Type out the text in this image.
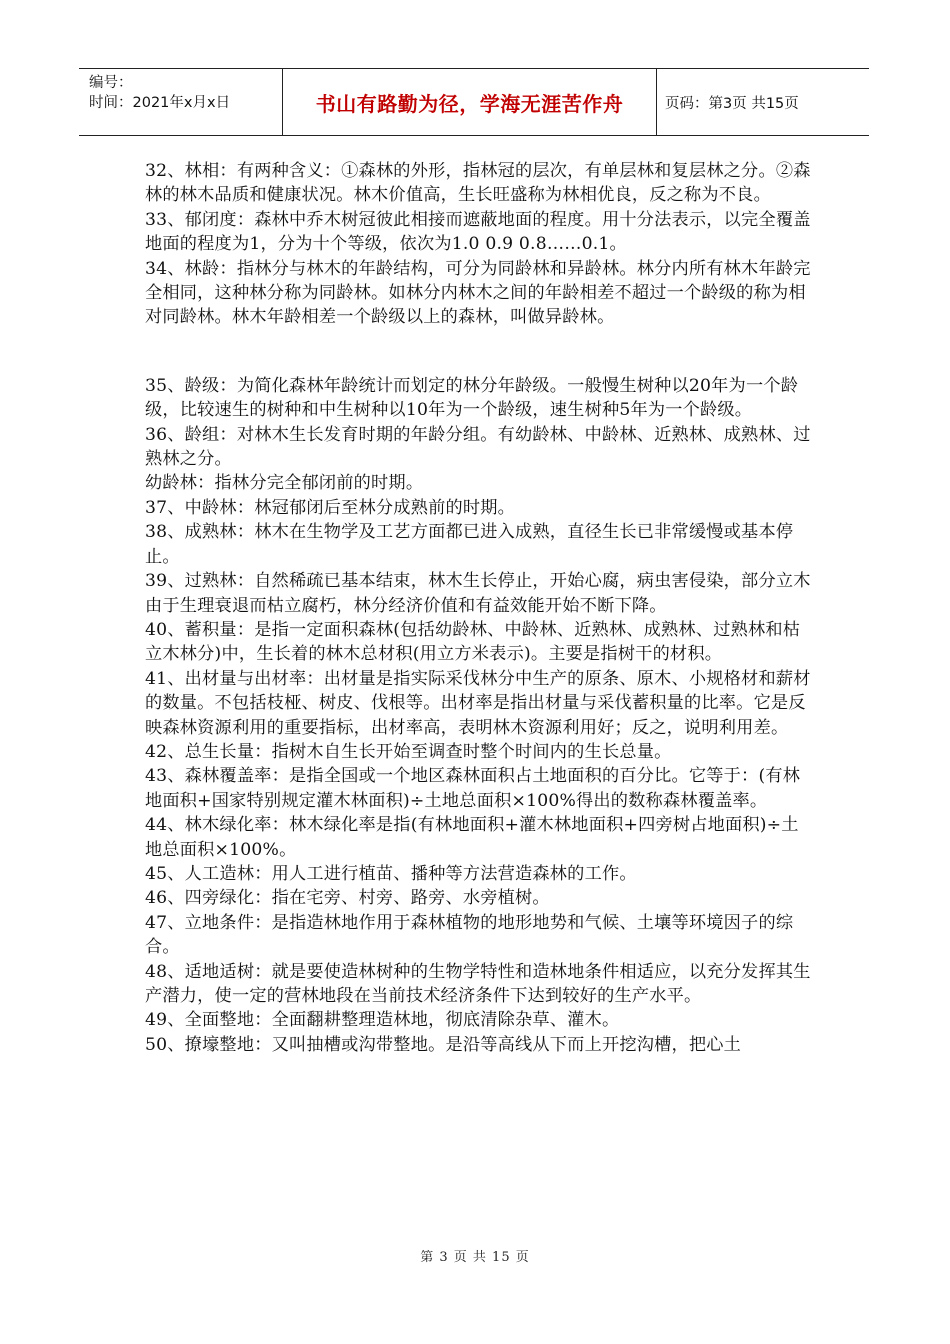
编号：
时间：2021年x月x日	书山有路勤为径，学海无涯苦作舟	页码：第3页 共15页

32、林相：有两种含义：①森林的外形，指林冠的层次，有单层林和复层林之分。②森林的林木品质和健康状况。林木价值高，生长旺盛称为林相优良，反之称为不良。

33、郁闭度：森林中乔木树冠彼此相接而遮蔽地面的程度。用十分法表示，以完全覆盖地面的程度为1，分为十个等级，依次为1.0 0.9 0.8……0.1。

34、林龄：指林分与林木的年龄结构，可分为同龄林和异龄林。林分内所有林木年龄完全相同，这种林分称为同龄林。如林分内林木之间的年龄相差不超过一个龄级的称为相对同龄林。林木年龄相差一个龄级以上的森林，叫做异龄林。

35、龄级：为简化森林年龄统计而划定的林分年龄级。一般慢生树种以20年为一个龄级，比较速生的树种和中生树种以10年为一个龄级，速生树种5年为一个龄级。

36、龄组：对林木生长发育时期的年龄分组。有幼龄林、中龄林、近熟林、成熟林、过熟林之分。

幼龄林：指林分完全郁闭前的时期。

37、中龄林：林冠郁闭后至林分成熟前的时期。

38、成熟林：林木在生物学及工艺方面都已进入成熟，直径生长已非常缓慢或基本停止。

39、过熟林：自然稀疏已基本结束，林木生长停止，开始心腐，病虫害侵染，部分立木由于生理衰退而枯立腐朽，林分经济价值和有益效能开始不断下降。

40、蓄积量：是指一定面积森林(包括幼龄林、中龄林、近熟林、成熟林、过熟林和枯立木林分)中，生长着的林木总材积(用立方米表示)。主要是指树干的材积。

41、出材量与出材率：出材量是指实际采伐林分中生产的原条、原木、小规格材和薪材的数量。不包括枝桠、树皮、伐根等。出材率是指出材量与采伐蓄积量的比率。它是反映森林资源利用的重要指标，出材率高，表明林木资源利用好；反之，说明利用差。

42、总生长量：指树木自生长开始至调查时整个时间内的生长总量。

43、森林覆盖率：是指全国或一个地区森林面积占土地面积的百分比。它等于：(有林地面积+国家特别规定灌木林面积)÷土地总面积×100%得出的数称森林覆盖率。

44、林木绿化率：林木绿化率是指(有林地面积+灌木林地面积+四旁树占地面积)÷土地总面积×100%。

45、人工造林：用人工进行植苗、播种等方法营造森林的工作。

46、四旁绿化：指在宅旁、村旁、路旁、水旁植树。

47、立地条件：是指造林地作用于森林植物的地形地势和气候、土壤等环境因子的综合。

48、适地适树：就是要使造林树种的生物学特性和造林地条件相适应，以充分发挥其生产潜力，使一定的营林地段在当前技术经济条件下达到较好的生产水平。

49、全面整地：全面翻耕整理造林地，彻底清除杂草、灌木。

50、撩壕整地：又叫抽槽或沟带整地。是沿等高线从下而上开挖沟槽，把心土

第 3 页 共 15 页
